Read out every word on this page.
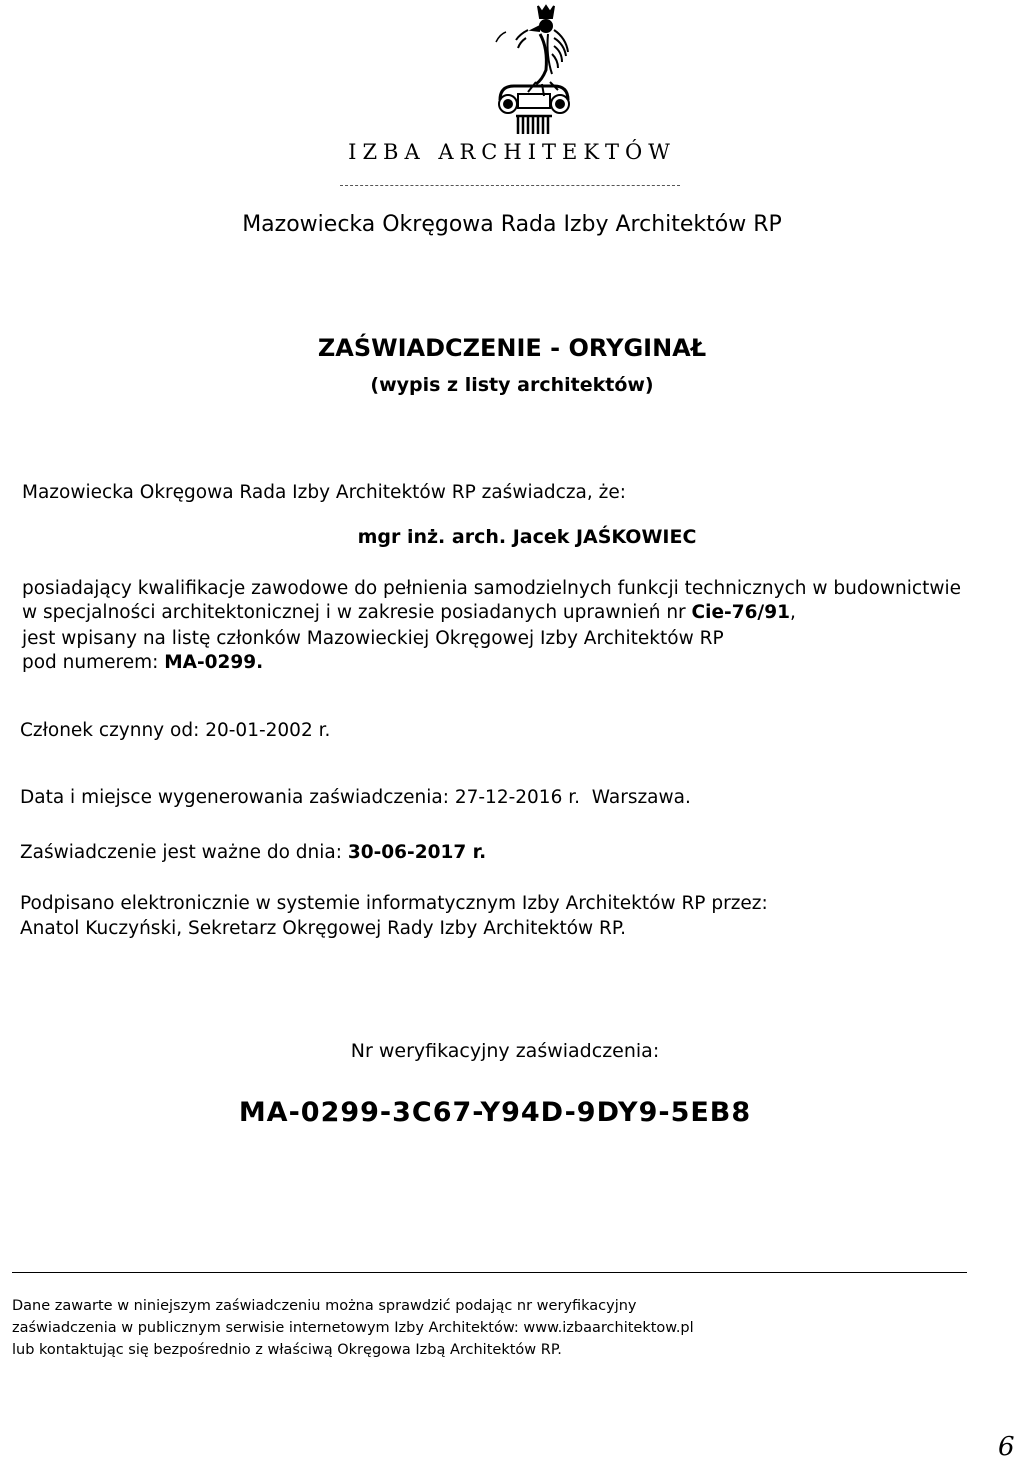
IZBA ARCHITEKTÓW
Mazowiecka Okręgowa Rada Izby Architektów RP
ZAŚWIADCZENIE - ORYGINAŁ
(wypis z listy architektów)
Mazowiecka Okręgowa Rada Izby Architektów RP zaświadcza, że:
mgr inż. arch. Jacek JAŚKOWIEC
posiadający kwalifikacje zawodowe do pełnienia samodzielnych funkcji technicznych w budownictwie
w specjalności architektonicznej i w zakresie posiadanych uprawnień nr Cie-76/91,
jest wpisany na listę członków Mazowieckiej Okręgowej Izby Architektów RP
pod numerem: MA-0299.
Członek czynny od: 20-01-2002 r.
Data i miejsce wygenerowania zaświadczenia: 27-12-2016 r. Warszawa.
Zaświadczenie jest ważne do dnia: 30-06-2017 r.
Podpisano elektronicznie w systemie informatycznym Izby Architektów RP przez:
Anatol Kuczyński, Sekretarz Okręgowej Rady Izby Architektów RP.
Nr weryfikacyjny zaświadczenia:
MA-0299-3C67-Y94D-9DY9-5EB8
Dane zawarte w niniejszym zaświadczeniu można sprawdzić podając nr weryfikacyjny
zaświadczenia w publicznym serwisie internetowym Izby Architektów: www.izbaarchitektow.pl
lub kontaktując się bezpośrednio z właściwą Okręgowa Izbą Architektów RP.
6
